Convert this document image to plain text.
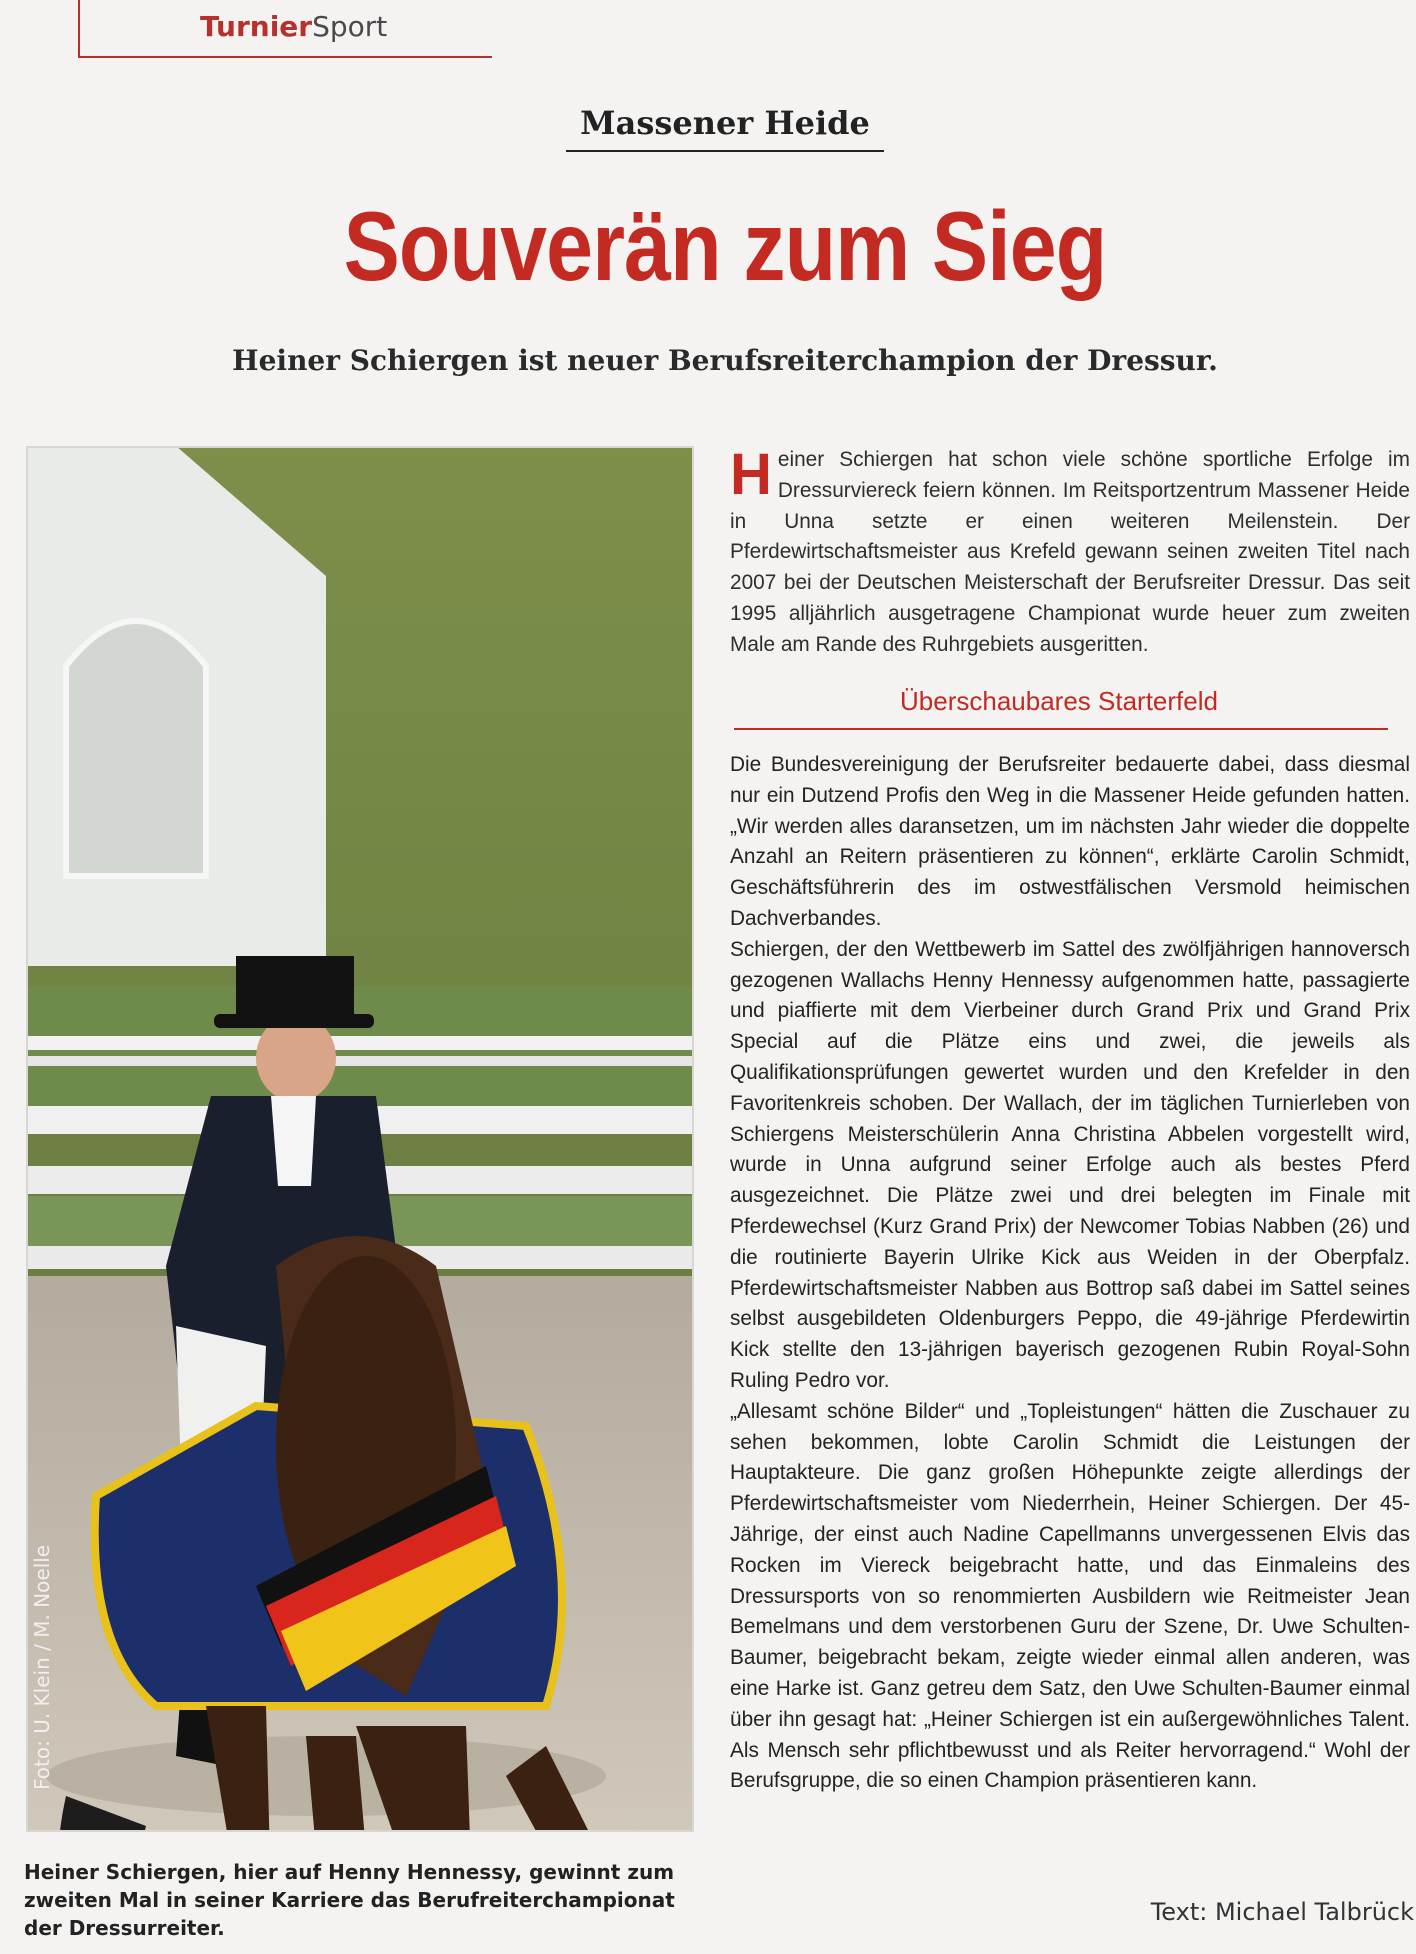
TurnierSport
Massener Heide
Souverän zum Sieg
Heiner Schiergen ist neuer Berufsreiterchampion der Dressur.
Foto: U. Klein / M. Noelle
Heiner Schiergen, hier auf Henny Hennessy, gewinnt zum zweiten Mal in seiner Karriere das Berufreiterchampionat der Dressurreiter.
Heiner Schiergen hat schon viele schöne sportliche Erfolge im Dressurviereck feiern können. Im Reitsportzentrum Massener Heide in Unna setzte er einen weiteren Meilenstein. Der Pferdewirtschaftsmeister aus Krefeld gewann seinen zweiten Titel nach 2007 bei der Deutschen Meisterschaft der Berufsreiter Dressur. Das seit 1995 alljährlich ausgetragene Championat wurde heuer zum zweiten Male am Rande des Ruhrgebiets ausgeritten.
Überschaubares Starterfeld

Die Bundesvereinigung der Berufsreiter bedauerte dabei, dass diesmal nur ein Dutzend Profis den Weg in die Massener Heide gefunden hatten. „Wir werden alles daransetzen, um im nächsten Jahr wieder die doppelte Anzahl an Reitern präsentieren zu können“, erklärte Carolin Schmidt, Geschäftsführerin des im ostwestfälischen Versmold heimischen Dachverbandes.

Schiergen, der den Wettbewerb im Sattel des zwölfjährigen hannoversch gezogenen Wallachs Henny Hennessy aufgenommen hatte, passagierte und piaffierte mit dem Vierbeiner durch Grand Prix und Grand Prix Special auf die Plätze eins und zwei, die jeweils als Qualifikationsprüfungen gewertet wurden und den Krefelder in den Favoritenkreis schoben. Der Wallach, der im täglichen Turnierleben von Schiergens Meisterschülerin Anna Christina Abbelen vorgestellt wird, wurde in Unna aufgrund seiner Erfolge auch als bestes Pferd ausgezeichnet. Die Plätze zwei und drei belegten im Finale mit Pferdewechsel (Kurz Grand Prix) der Newcomer Tobias Nabben (26) und die routinierte Bayerin Ulrike Kick aus Weiden in der Oberpfalz. Pferdewirtschaftsmeister Nabben aus Bottrop saß dabei im Sattel seines selbst ausgebildeten Oldenburgers Peppo, die 49-jährige Pferdewirtin Kick stellte den 13-jährigen bayerisch gezogenen Rubin Royal-Sohn Ruling Pedro vor.

„Allesamt schöne Bilder“ und „Topleistungen“ hätten die Zuschauer zu sehen bekommen, lobte Carolin Schmidt die Leistungen der Hauptakteure. Die ganz großen Höhepunkte zeigte allerdings der Pferdewirtschaftsmeister vom Niederrhein, Heiner Schiergen. Der 45-Jährige, der einst auch Nadine Capellmanns unvergessenen Elvis das Rocken im Viereck beigebracht hatte, und das Einmaleins des Dressursports von so renommierten Ausbildern wie Reitmeister Jean Bemelmans und dem verstorbenen Guru der Szene, Dr. Uwe Schulten-Baumer, beigebracht bekam, zeigte wieder einmal allen anderen, was eine Harke ist. Ganz getreu dem Satz, den Uwe Schulten-Baumer einmal über ihn gesagt hat: „Heiner Schiergen ist ein außergewöhnliches Talent. Als Mensch sehr pflichtbewusst und als Reiter hervorragend.“ Wohl der Berufsgruppe, die so einen Champion präsentieren kann.

Text: Michael Talbrück
